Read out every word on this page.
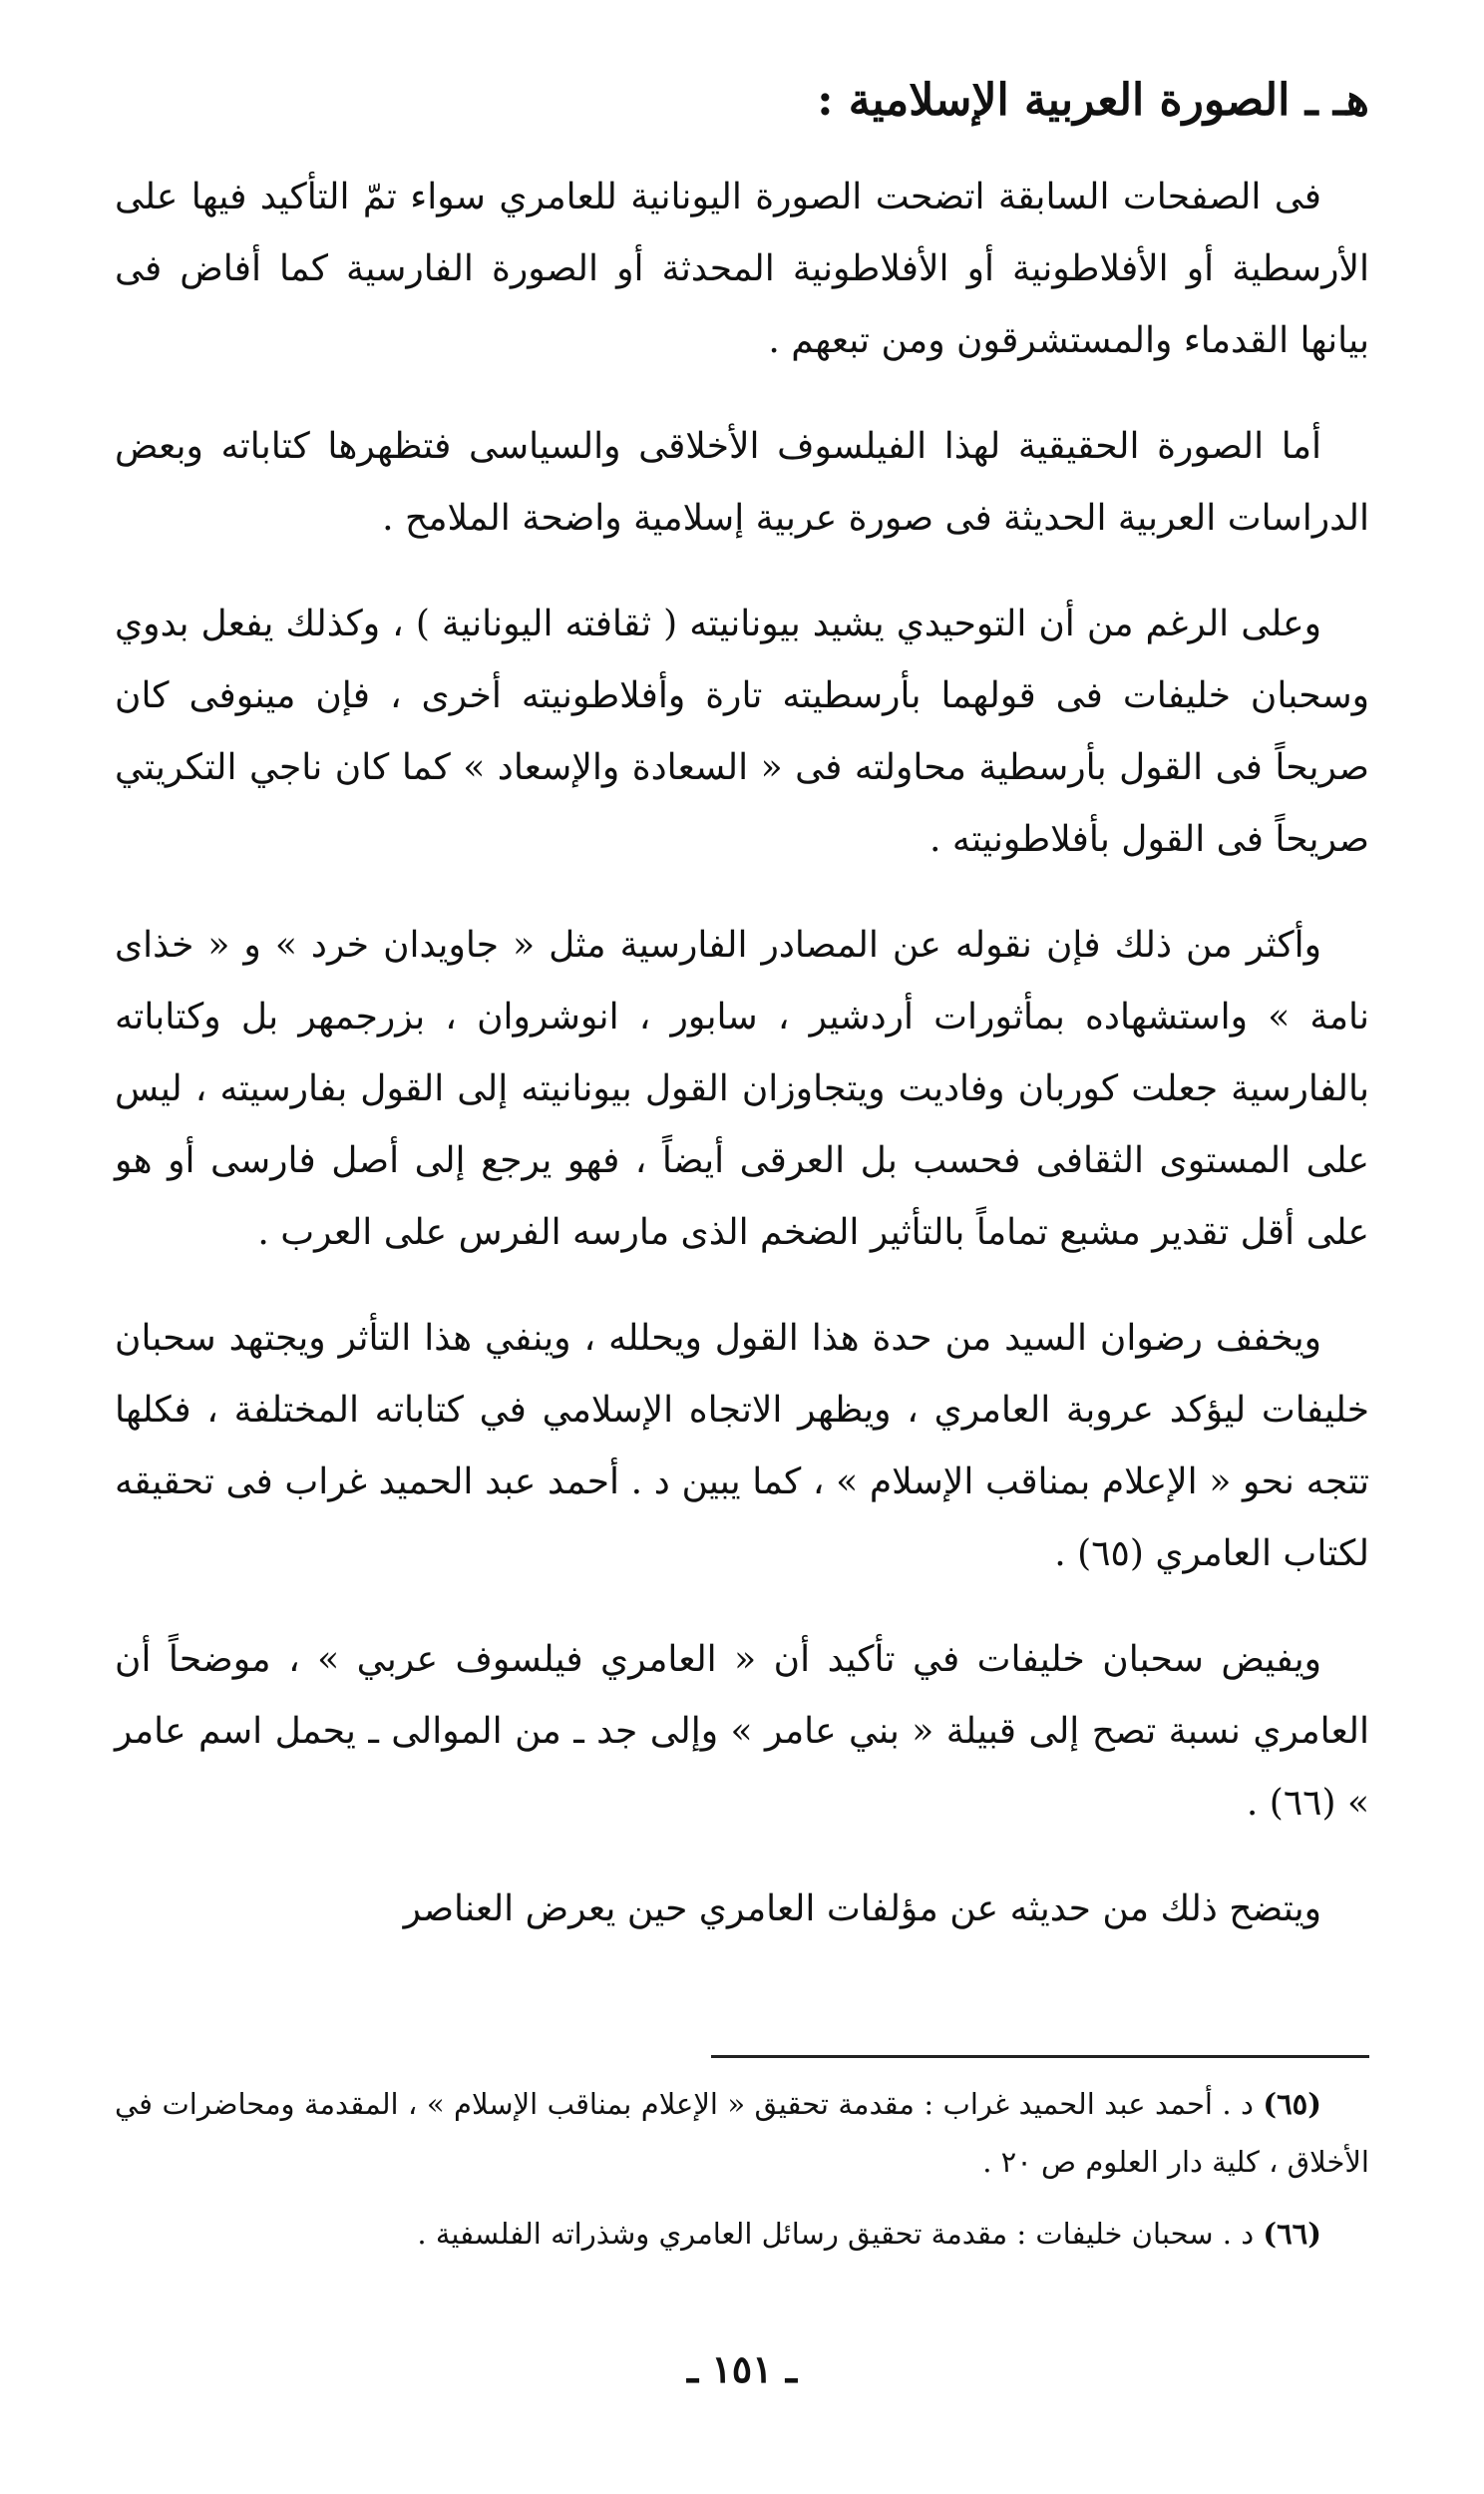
هـ ـ الصورة العربية الإسلامية :

فى الصفحات السابقة اتضحت الصورة اليونانية للعامري سواء تمّ التأكيد فيها على الأرسطية أو الأفلاطونية أو الأفلاطونية المحدثة أو الصورة الفارسية كما أفاض فى بيانها القدماء والمستشرقون ومن تبعهم .

أما الصورة الحقيقية لهذا الفيلسوف الأخلاقى والسياسى فتظهرها كتاباته وبعض الدراسات العربية الحديثة فى صورة عربية إسلامية واضحة الملامح .

وعلى الرغم من أن التوحيدي يشيد بيونانيته ( ثقافته اليونانية ) ، وكذلك يفعل بدوي وسحبان خليفات فى قولهما بأرسطيته تارة وأفلاطونيته أخرى ، فإن مينوفى كان صريحاً فى القول بأرسطية محاولته فى « السعادة والإسعاد » كما كان ناجي التكريتي صريحاً فى القول بأفلاطونيته .

وأكثر من ذلك فإن نقوله عن المصادر الفارسية مثل « جاويدان خرد » و « خذاى نامة » واستشهاده بمأثورات أردشير ، سابور ، انوشروان ، بزرجمهر بل وكتاباته بالفارسية جعلت كوربان وفاديت ويتجاوزان القول بيونانيته إلى القول بفارسيته ، ليس على المستوى الثقافى فحسب بل العرقى أيضاً ، فهو يرجع إلى أصل فارسى أو هو على أقل تقدير مشبع تماماً بالتأثير الضخم الذى مارسه الفرس على العرب .

ويخفف رضوان السيد من حدة هذا القول ويحلله ، وينفي هذا التأثر ويجتهد سحبان خليفات ليؤكد عروبة العامري ، ويظهر الاتجاه الإسلامي في كتاباته المختلفة ، فكلها تتجه نحو « الإعلام بمناقب الإسلام » ، كما يبين د . أحمد عبد الحميد غراب فى تحقيقه لكتاب العامري (٦٥) .

ويفيض سحبان خليفات في تأكيد أن « العامري فيلسوف عربي » ، موضحاً أن العامري نسبة تصح إلى قبيلة « بني عامر » وإلى جد ـ من الموالى ـ يحمل اسم عامر » (٦٦) .

ويتضح ذلك من حديثه عن مؤلفات العامري حين يعرض العناصر

(٦٥) د . أحمد عبد الحميد غراب : مقدمة تحقيق « الإعلام بمناقب الإسلام » ، المقدمة ومحاضرات في الأخلاق ، كلية دار العلوم ص ٢٠ .

(٦٦) د . سحبان خليفات : مقدمة تحقيق رسائل العامري وشذراته الفلسفية .

ـ ١٥١ ـ
